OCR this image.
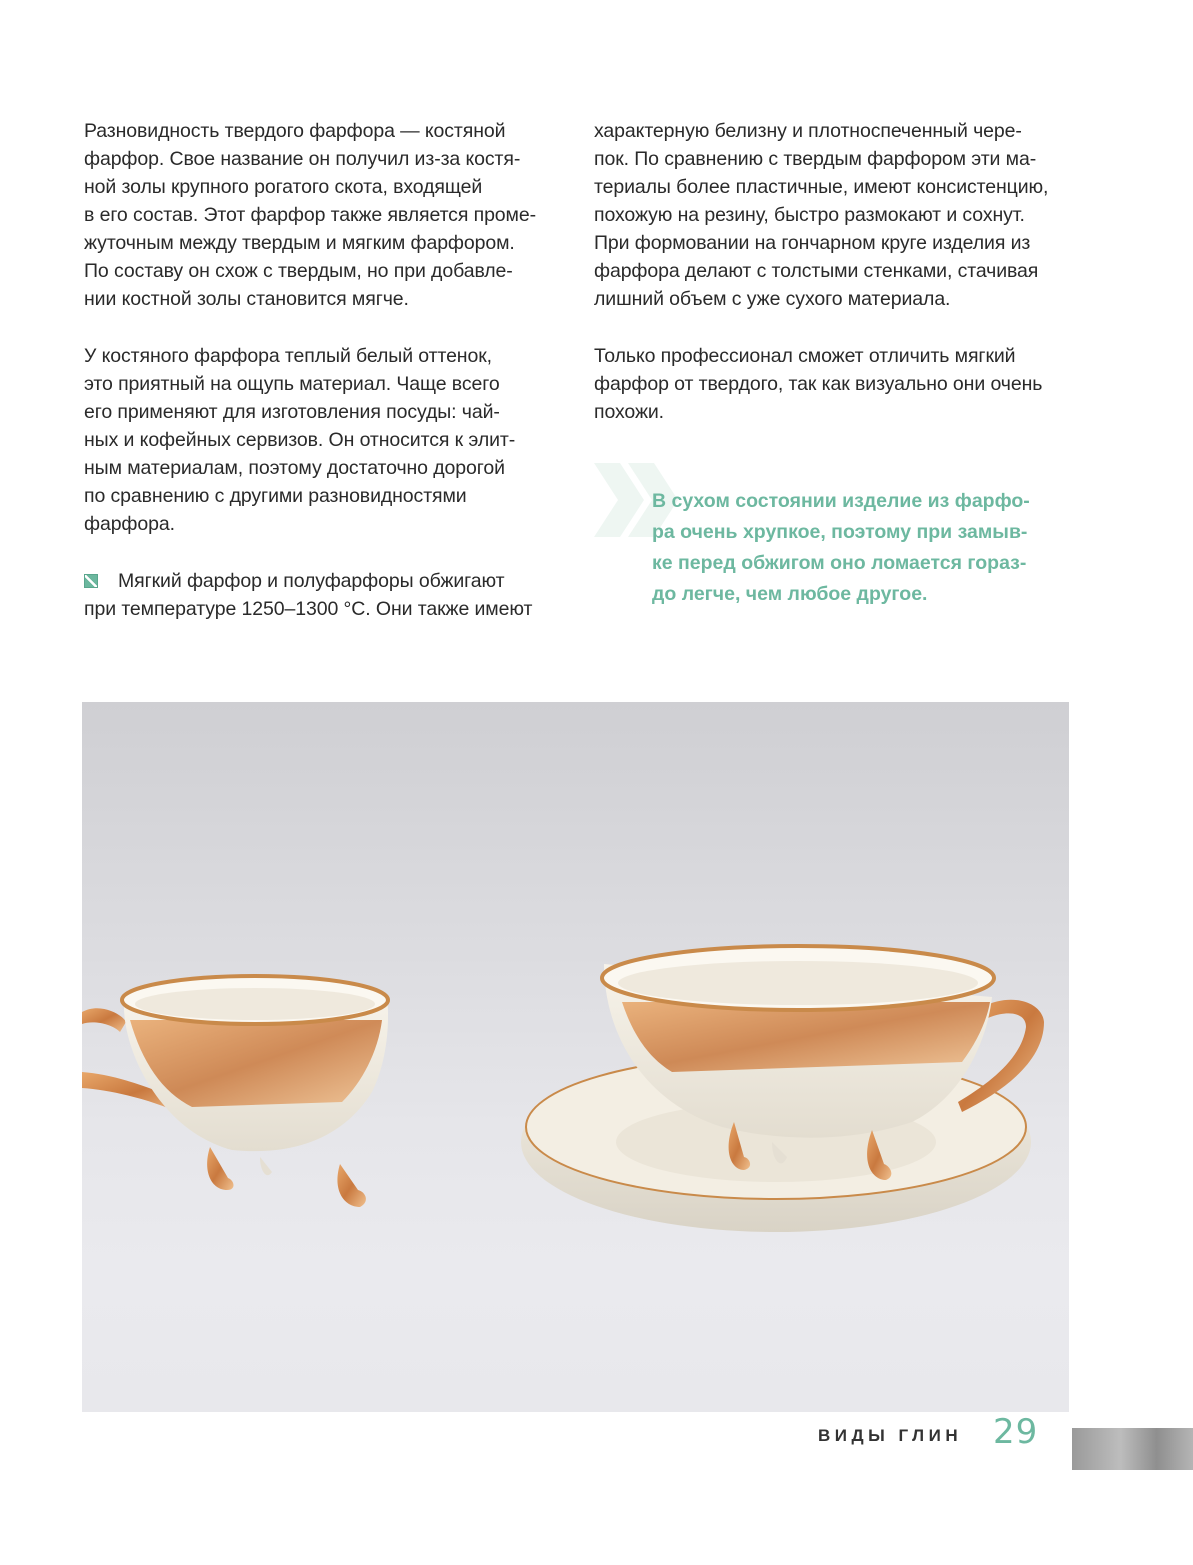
Разновидность твердого фарфора — костяной
фарфор. Свое название он получил из-за костя-
ной золы крупного рогатого скота, входящей
в его состав. Этот фарфор также является проме-
жуточным между твердым и мягким фарфором.
По составу он схож с твердым, но при добавле-
нии костной золы становится мягче.

У костяного фарфора теплый белый оттенок,
это приятный на ощупь материал. Чаще всего
его применяют для изготовления посуды: чай-
ных и кофейных сервизов. Он относится к элит-
ным материалам, поэтому достаточно дорогой
по сравнению с другими разновидностями
фарфора.

Мягкий фарфор и полуфарфоры обжигают
при температуре 1250–1300 °C. Они также имеют

характерную белизну и плотноспеченный чере-
пок. По сравнению с твердым фарфором эти ма-
териалы более пластичные, имеют консистенцию,
похожую на резину, быстро размокают и сохнут.
При формовании на гончарном круге изделия из
фарфора делают с толстыми стенками, стачивая
лишний объем с уже сухого материала.

Только профессионал сможет отличить мягкий
фарфор от твердого, так как визуально они очень
похожи.

В сухом состоянии изделие из фарфо-

ра очень хрупкое, поэтому при замыв-

ке перед обжигом оно ломается гораз-

до легче, чем любое другое.

ВИДЫ ГЛИН 29
